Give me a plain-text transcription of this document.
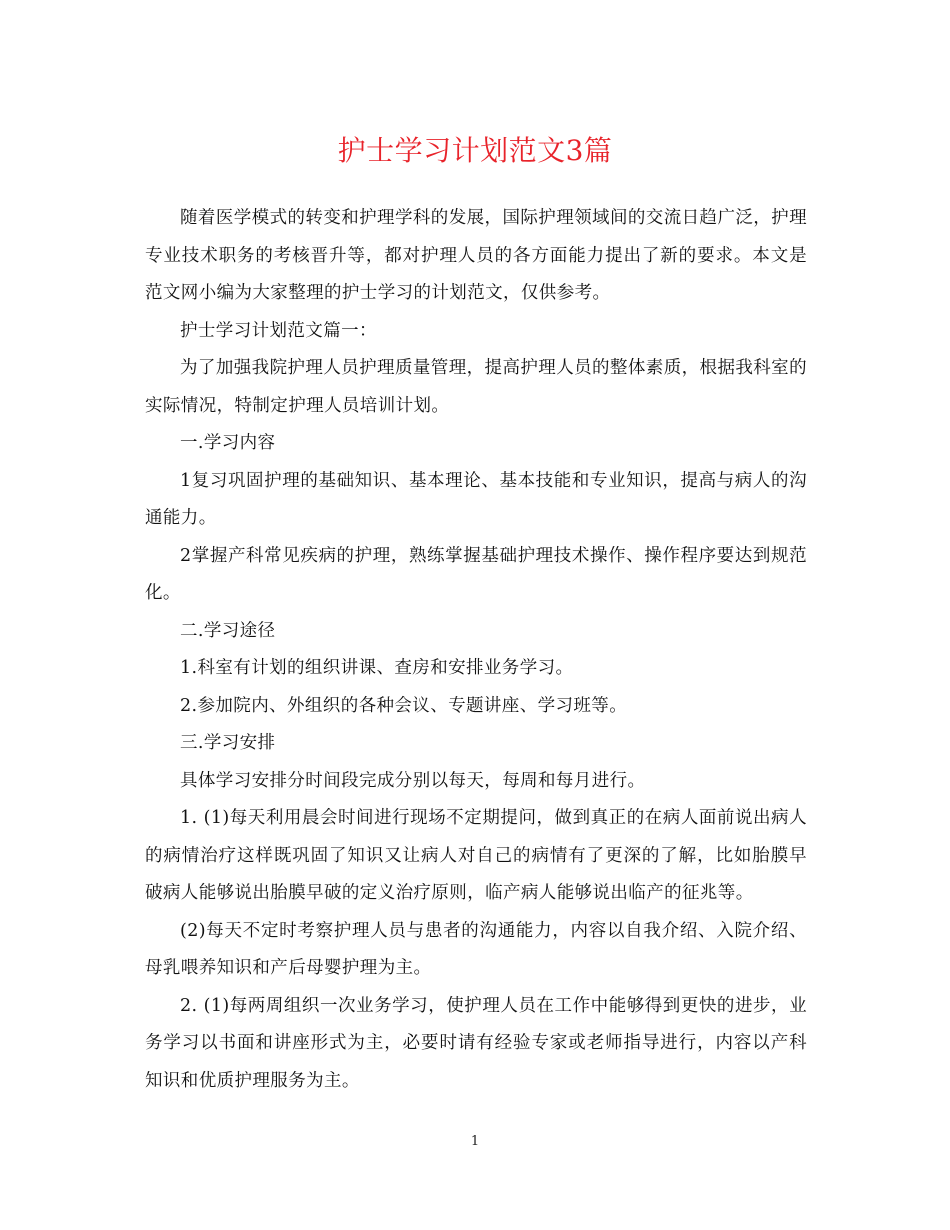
护士学习计划范文3篇

随着医学模式的转变和护理学科的发展，国际护理领域间的交流日趋广泛，护理专业技术职务的考核晋升等，都对护理人员的各方面能力提出了新的要求。本文是范文网小编为大家整理的护士学习的计划范文，仅供参考。

护士学习计划范文篇一：

为了加强我院护理人员护理质量管理，提高护理人员的整体素质，根据我科室的实际情况，特制定护理人员培训计划。

一.学习内容

1复习巩固护理的基础知识、基本理论、基本技能和专业知识，提高与病人的沟通能力。

2掌握产科常见疾病的护理，熟练掌握基础护理技术操作、操作程序要达到规范化。

二.学习途径

1.科室有计划的组织讲课、查房和安排业务学习。

2.参加院内、外组织的各种会议、专题讲座、学习班等。

三.学习安排

具体学习安排分时间段完成分别以每天，每周和每月进行。

1. (1)每天利用晨会时间进行现场不定期提问，做到真正的在病人面前说出病人的病情治疗这样既巩固了知识又让病人对自己的病情有了更深的了解，比如胎膜早破病人能够说出胎膜早破的定义治疗原则，临产病人能够说出临产的征兆等。

(2)每天不定时考察护理人员与患者的沟通能力，内容以自我介绍、入院介绍、母乳喂养知识和产后母婴护理为主。

2. (1)每两周组织一次业务学习，使护理人员在工作中能够得到更快的进步，业务学习以书面和讲座形式为主，必要时请有经验专家或老师指导进行，内容以产科知识和优质护理服务为主。

1
